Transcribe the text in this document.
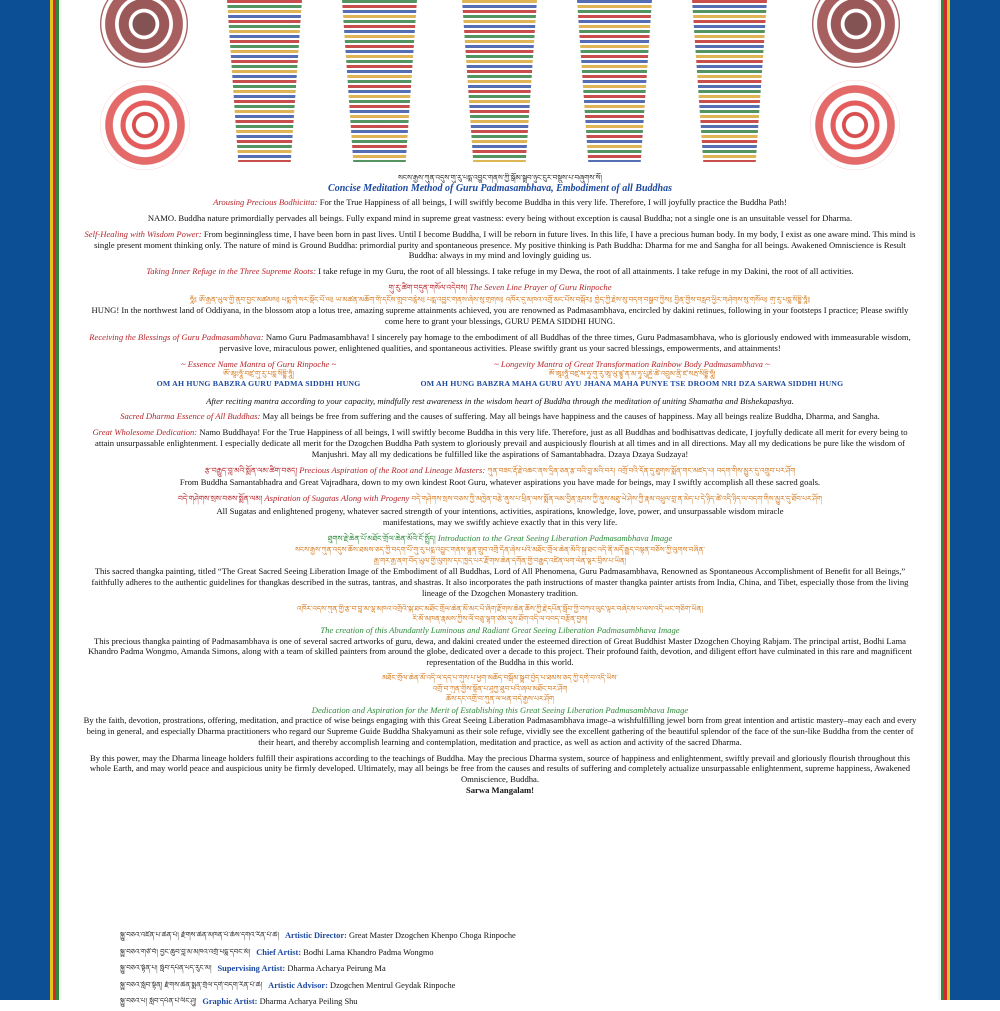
སངས་རྒྱས་ཀུན་འདུས་གུ་རུ་པདྨ་འབྱུང་གནས་ཀྱི་སྒོམ་སྒྲུབ་ཉུང་ངུར་བསྡུས་པ་བཞུགས་སོ།
Concise Meditation Method of Guru Padmasambhava, Embodiment of all Buddhas
Arousing Precious Bodhicitta: For the True Happiness of all beings, I will swiftly become Buddha in this very life. Therefore, I will joyfully practice the Buddha Path!
NAMO. Buddha nature primordially pervades all beings. Fully expand mind in supreme great vastness: every being without exception is causal Buddha; not a single one is an unsuitable vessel for Dharma.
Self-Healing with Wisdom Power: From beginningless time, I have been born in past lives. Until I become Buddha, I will be reborn in future lives. In this life, I have a precious human body. In my body, I exist as one aware mind. This mind is single present moment thinking only. The nature of mind is Ground Buddha: primordial purity and spontaneous presence. My positive thinking is Path Buddha: Dharma for me and Sangha for all beings. Awakened Omniscience is Result Buddha: always in my mind and lovingly guiding us.
Taking Inner Refuge in the Three Supreme Roots: I take refuge in my Guru, the root of all blessings. I take refuge in my Dewa, the root of all attainments. I take refuge in my Dakini, the root of all activities.
གུ་རུ་ཚིག་བདུན་གསོལ་འདེབས། The Seven Line Prayer of Guru Rinpoche
ཧཱུྃ༔ ཨོ་རྒྱན་ཡུལ་གྱི་ནུབ་བྱང་མཚམས༔ པདྨ་གེ་སར་སྡོང་པོ་ལ༔ ཡ་མཚན་མཆོག་གི་དངོས་གྲུབ་བརྙེས༔ པདྨ་འབྱུང་གནས་ཞེས་སུ་གྲགས༔ འཁོར་དུ་མཁའ་འགྲོ་མང་པོས་བསྐོར༔ ཁྱེད་ཀྱི་རྗེས་སུ་བདག་བསྒྲུབ་ཀྱིས༔ བྱིན་གྱིས་བརླབ་ཕྱིར་གཤེགས་སུ་གསོལ༔ གུ་རུ་པདྨ་སིདྡྷི་ཧཱུྃ༔
HUNG! In the northwest land of Oddiyana, in the blossom atop a lotus tree, amazing supreme attainments achieved, you are renowned as Padmasambhava, encircled by dakini retinues, following in your footsteps I practice; Please swiftly come here to grant your blessings, GURU PEMA SIDDHI HUNG.
Receiving the Blessings of Guru Padmasambhava: Namo Guru Padmasambhava! I sincerely pay homage to the embodiment of all Buddhas of the three times, Guru Padmasambhava, who is gloriously endowed with immeasurable wisdom, pervasive love, miraculous power, enlightened qualities, and spontaneous activities. Please swiftly grant us your sacred blessings, empowerments, and attainments!
~ Essence Name Mantra of Guru Rinpoche ~
ཨོཾ་ཨཱཿཧཱུྃ་བཛྲ་གུ་རུ་པདྨ་སིདྡྷི་ཧཱུྃ།
OM AH HUNG BABZRA GURU PADMA SIDDHI HUNG
~ Longevity Mantra of Great Transformation Rainbow Body Padmasambhava ~
ཨོཾ་ཨཱཿཧཱུྃ་བཛྲ་མ་ཧཱ་གུ་རུ་ཨཱ་ཡུ་ཛྙཱ་ན་མ་ཧཱ་པུཎྱེ་ཚེ་འབྲུམ་ནྲི་ཛ་སརྦ་སིདྡྷི་ཧཱུྃ།
OM AH HUNG BABZRA MAHA GURU AYU JHANA MAHA PUNYE TSE DROOM NRI DZA SARWA SIDDHI HUNG
After reciting mantra according to your capacity, mindfully rest awareness in the wisdom heart of Buddha through the meditation of uniting Shamatha and Bishekapashya.
Sacred Dharma Essence of All Buddhas: May all beings be free from suffering and the causes of suffering. May all beings have happiness and the causes of happiness. May all beings realize Buddha, Dharma, and Sangha.
Great Wholesome Dedication: Namo Buddhaya! For the True Happiness of all beings, I will swiftly become Buddha in this very life. Therefore, just as all Buddhas and bodhisattvas dedicate, I joyfully dedicate all merit for every being to attain unsurpassable enlightenment. I especially dedicate all merit for the Dzogchen Buddha Path system to gloriously prevail and auspiciously flourish at all times and in all directions. May all my dedications be pure like the wisdom of Manjushri. May all my dedications be fulfilled like the aspirations of Samantabhadra. Dzaya Dzaya Sudzaya!
རྩ་བརྒྱུད་བླ་མའི་སྨོན་ལམ་ཚིག་བཅད། Precious Aspiration of the Root and Lineage Masters: ཀུན་བཟང་རྡོ་རྗེ་འཆང་ནས་དྲིན་ཅན་རྩ་བའི་བླ་མའི་བར། འགྲོ་བའི་དོན་དུ་ཐུགས་སྨོན་གང་མཛད་པ། བདག་གིས་མྱུར་དུ་འགྲུབ་པར་ཤོག
From Buddha Samantabhadra and Great Vajradhara, down to my own kindest Root Guru, whatever aspirations you have made for beings, may I swiftly accomplish all these sacred goals.
བདེ་གཤེགས་སྲས་བཅས་སྨོན་ལམ། Aspiration of Sugatas Along with Progeny བདེ་གཤེགས་སྲས་བཅས་ཀྱི་མཁྱེན་བརྩེ་ནུས་པ་ཕྲིན་ལས་སྨོན་ལམ་བྱིན་རླབས་ཀྱི་ནུས་མཐུ་ཡེ་ཤེས་ཀྱི་རྣམ་འཕྲུལ་བླ་ན་མེད་པ་དེ་ཉིད་ཚེ་འདི་ཉིད་ལ་བདག་གིས་མྱུར་དུ་ཐོབ་པར་ཤོག
All Sugatas and enlightened progeny, whatever sacred strength of your intentions, activities, aspirations, knowledge, love, power, and unsurpassable wisdom miracle manifestations, may we swiftly achieve exactly that in this very life.
ཐུགས་རྗེ་ཆེན་པོ་མཐོང་གྲོལ་ཆེན་མོའི་ངོ་སྤྲོད། Introduction to the Great Seeing Liberation Padmasambhava Image
སངས་རྒྱས་ཀུན་འདུས་ཆོས་ཐམས་ཅད་ཀྱི་བདག་པོ་གུ་རུ་པདྨ་འབྱུང་གནས་ལྷུན་གྲུབ་འགྲོ་དོན་ཞེས་པའི་མཐོང་གྲོལ་ཆེན་མོའི་སྐུ་ཐང་འདི་ནི་མདོ་རྒྱུད་བསྟན་བཅོས་ཀྱི་ལུགས་བཞིན་
རྒྱ་གར་རྒྱ་ནག་བོད་ཡུལ་གྱི་ལུགས་དང་ཁྱད་པར་རྫོགས་ཆེན་དགོན་གྱི་བརྒྱུད་འཛིན་ལག་ལེན་ལྟར་བྲིས་པ་ཡིན།
This sacred thangka painting, titled “The Great Sacred Seeing Liberation Image of the Embodiment of all Buddhas, Lord of All Phenomena, Guru Padmasambhava, Renowned as Spontaneous Accomplishment of Benefit for all Beings,” faithfully adheres to the authentic guidelines for thangkas described in the sutras, tantras, and shastras. It also incorporates the path instructions of master thangka painter artists from India, China, and Tibet, especially those from the living lineage of the Dzogchen Monastery tradition.
འཁོར་འདས་ཀུན་གྱི་རྩ་བ་བླ་མ་ལྷ་མཁའ་འགྲོའི་སྐུ་ཐང་མཐོང་གྲོལ་ཆེན་མོ་མང་པོ་ཞིག་རྫོགས་ཆེན་ཆོས་ཀྱི་རྗེ་དཔོན་སློབ་ཀྱི་བཀའ་ལུང་ལྟར་བཞེངས་པ་ལས་འདི་ཡང་གཅིག་ཡིན།
རི་མོ་མཁན་རྣམས་ཀྱིས་ལོ་བཅུ་ལྷག་ཙམ་དུས་ཐོག་འདི་ལ་འབད་བརྩོན་བྱས།
The creation of this Abundantly Luminous and Radiant Great Seeing Liberation Padmasambhava Image
This precious thangka painting of Padmasambhava is one of several sacred artworks of guru, dewa, and dakini created under the esteemed direction of Great Buddhist Master Dzogchen Choying Rabjam. The principal artist, Bodhi Lama Khandro Padma Wongmo, Amanda Simons, along with a team of skilled painters from around the globe, dedicated over a decade to this project. Their profound faith, devotion, and diligent effort have culminated in this rare and magnificent representation of the Buddha in this world.
མཐོང་གྲོལ་ཆེན་མོ་འདི་ལ་དད་པ་གུས་པ་ཕྱག་མཆོད་བསྒོམ་སྒྲུབ་བྱེད་པ་ཐམས་ཅད་ཀྱི་དགེ་བ་འདི་ཡིས་
འགྲོ་བ་ཀུན་གྱིས་སྟོན་པ་ཤཱཀྱ་ཐུབ་པའི་ཞལ་མཐོང་བར་ཤོག
ཆོས་དང་འགྲོ་བ་ཀུན་ལ་ཕན་བདེ་རྒྱས་པར་ཤོག
Dedication and Aspiration for the Merit of Establishing this Great Seeing Liberation Padmasambhava Image
By the faith, devotion, prostrations, offering, meditation, and practice of wise beings engaging with this Great Seeing Liberation Padmasambhava image–a wishfulfilling jewel born from great intention and artistic mastery–may each and every being in general, and especially Dharma practitioners who regard our Supreme Guide Buddha Shakyamuni as their sole refuge, vividly see the excellent gathering of the beautiful splendor of the face of the sun-like Buddha from the center of their heart, and thereby accomplish learning and contemplation, meditation and practice, as well as action and activity of the sacred Dharma.
By this power, may the Dharma lineage holders fulfill their aspirations according to the teachings of Buddha. May the precious Dharma system, source of happiness and enlightenment, swiftly prevail and gloriously flourish throughout this whole Earth, and may world peace and auspicious unity be firmly developed. Ultimately, may all beings be free from the causes and results of suffering and completely actualize unsurpassable enlightenment, supreme happiness, Awakened Omniscience, Buddha.
Sarwa Mangalam!
སྐྱུ་བཅའ་འཛིན་པ་ཆེན་པོ། རྫོགས་ཆེན་མཁན་པོ་ཆོས་དགའ་རིན་པོ་ཆེ། Artistic Director: Great Master Dzogchen Khenpo Choga Rinpoche
སྐྱུ་བཅའ་གཙོ་བོ། བྱང་ཆུབ་བླ་མ་མཁའ་འགྲོ་པདྨ་དབང་མོ། Chief Artist: Bodhi Lama Khandro Padma Wongmo
སྐྱུ་བཅའ་སྟོན་པ། སློབ་དཔོན་པད་རུང་མ། Supervising Artist: Dharma Acharya Peirung Ma
སྐྱུ་བཅའ་སློབ་སྟོན། རྫོགས་ཆེན་སྨན་གྲོལ་དགེ་བདག་རིན་པོ་ཆེ། Artistic Advisor: Dzogchen Mentrul Geydak Rinpoche
སྐྱུ་བཅའ་པ། སློབ་དཔོན་པེ་ལིང་ཤུ། Graphic Artist: Dharma Acharya Peiling Shu
